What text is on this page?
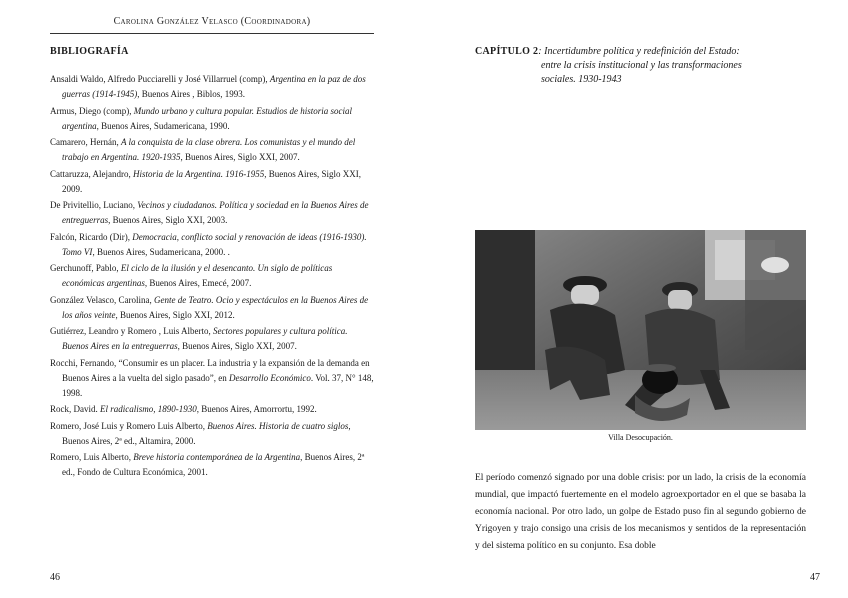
Carolina González Velasco (Coordinadora)
BIBLIOGRAFÍA
Ansaldi Waldo, Alfredo Pucciarelli y José Villarruel (comp), Argentina en la paz de dos guerras (1914-1945), Buenos Aires , Biblos, 1993.
Armus, Diego (comp), Mundo urbano y cultura popular. Estudios de historia social argentina, Buenos Aires, Sudamericana, 1990.
Camarero, Hernán, A la conquista de la clase obrera. Los comunistas y el mundo del trabajo en Argentina. 1920-1935, Buenos Aires, Siglo XXI, 2007.
Cattaruzza, Alejandro, Historia de la Argentina. 1916-1955, Buenos Aires, Siglo XXI, 2009.
De Privitellio, Luciano, Vecinos y ciudadanos. Política y sociedad en la Buenos Aires de entreguerras, Buenos Aires, Siglo XXI, 2003.
Falcón, Ricardo (Dir), Democracia, conflicto social y renovación de ideas (1916-1930). Tomo VI, Buenos Aires, Sudamericana, 2000. .
Gerchunoff, Pablo, El ciclo de la ilusión y el desencanto. Un siglo de políticas económicas argentinas, Buenos Aires, Emecé, 2007.
González Velasco, Carolina, Gente de Teatro. Ocio y espectáculos en la Buenos Aires de los años veinte, Buenos Aires, Siglo XXI, 2012.
Gutiérrez, Leandro y Romero , Luis Alberto, Sectores populares y cultura política. Buenos Aires en la entreguerras, Buenos Aires, Siglo XXI, 2007.
Rocchi, Fernando, “Consumir es un placer. La industria y la expansión de la demanda en Buenos Aires a la vuelta del siglo pasado”, en Desarrollo Económico. Vol. 37, N° 148, 1998.
Rock, David. El radicalismo, 1890-1930, Buenos Aires, Amorrortu, 1992.
Romero, José Luis y Romero Luis Alberto, Buenos Aires. Historia de cuatro siglos, Buenos Aires, 2ª ed., Altamira, 2000.
Romero, Luis Alberto, Breve historia contemporánea de la Argentina, Buenos Aires, 2ª ed., Fondo de Cultura Económica, 2001.
46
CAPÍTULO 2: Incertidumbre política y redefinición del Estado:
entre la crisis institucional y las transformaciones
sociales. 1930-1943
Villa Desocupación.

El período comenzó signado por una doble crisis: por un lado, la crisis de la economía mundial, que impactó fuertemente en el modelo agroexportador en el que se basaba la economía nacional. Por otro lado, un golpe de Estado puso fin al segundo gobierno de Yrigoyen y trajo consigo una crisis de los mecanismos y sentidos de la representación y del sistema político en su conjunto. Esa doble

47
